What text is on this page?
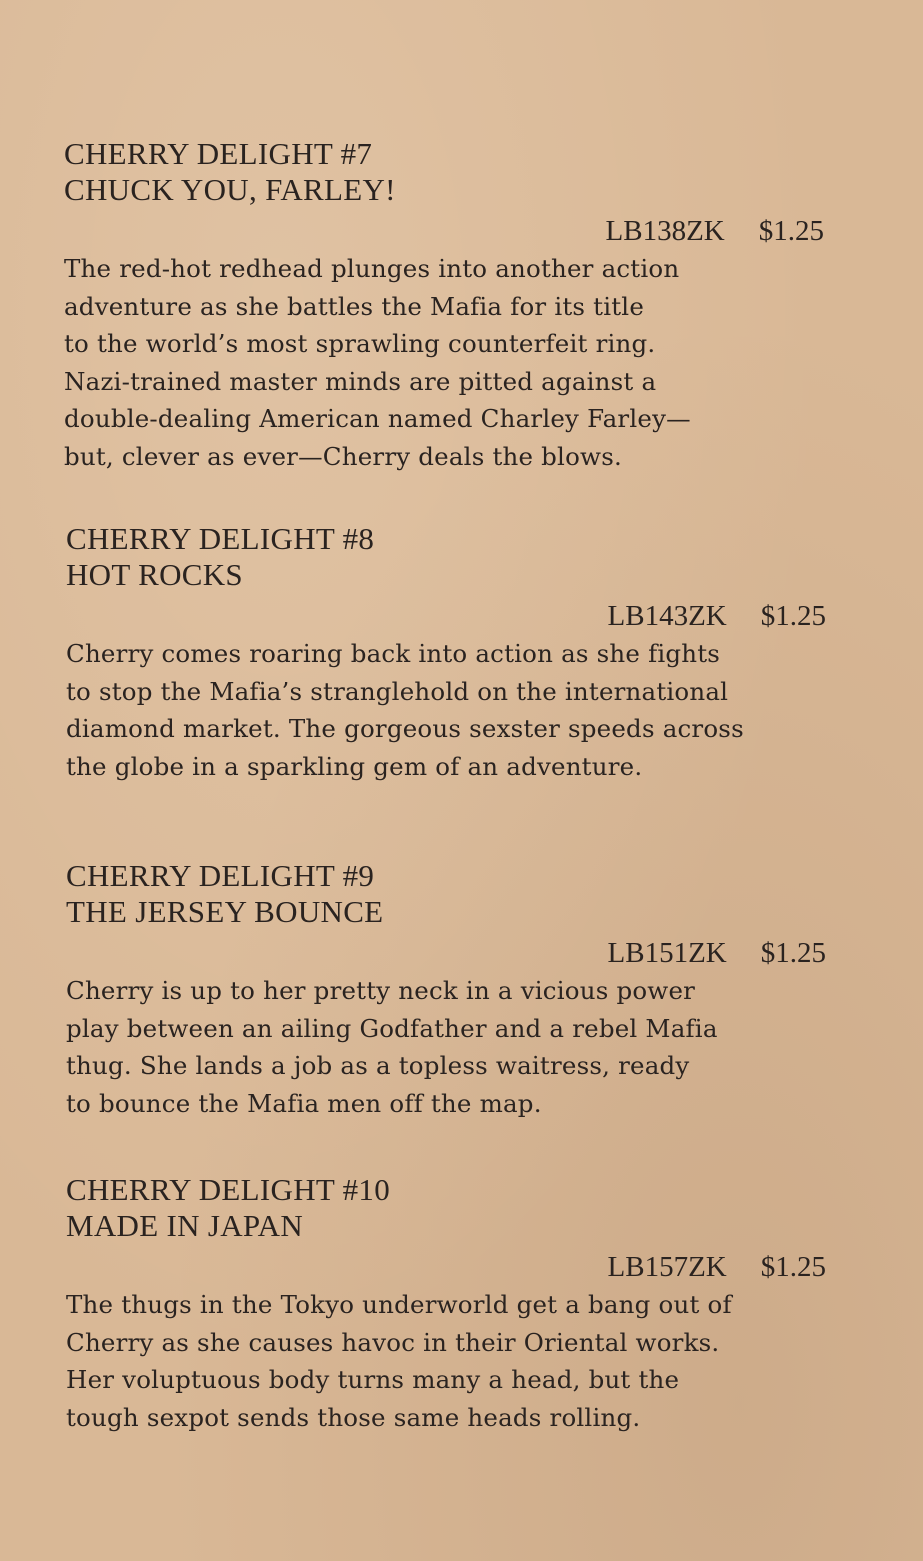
CHERRY DELIGHT #7
CHUCK YOU, FARLEY!
LB138ZK $1.25
The red-hot redhead plunges into another action
adventure as she battles the Mafia for its title
to the world’s most sprawling counterfeit ring.
Nazi-trained master minds are pitted against a
double-dealing American named Charley Farley—
but, clever as ever—Cherry deals the blows.
CHERRY DELIGHT #8
HOT ROCKS
LB143ZK $1.25
Cherry comes roaring back into action as she fights
to stop the Mafia’s stranglehold on the international
diamond market. The gorgeous sexster speeds across
the globe in a sparkling gem of an adventure.
CHERRY DELIGHT #9
THE JERSEY BOUNCE
LB151ZK $1.25
Cherry is up to her pretty neck in a vicious power
play between an ailing Godfather and a rebel Mafia
thug. She lands a job as a topless waitress, ready
to bounce the Mafia men off the map.
CHERRY DELIGHT #10
MADE IN JAPAN
LB157ZK $1.25
The thugs in the Tokyo underworld get a bang out of
Cherry as she causes havoc in their Oriental works.
Her voluptuous body turns many a head, but the
tough sexpot sends those same heads rolling.
